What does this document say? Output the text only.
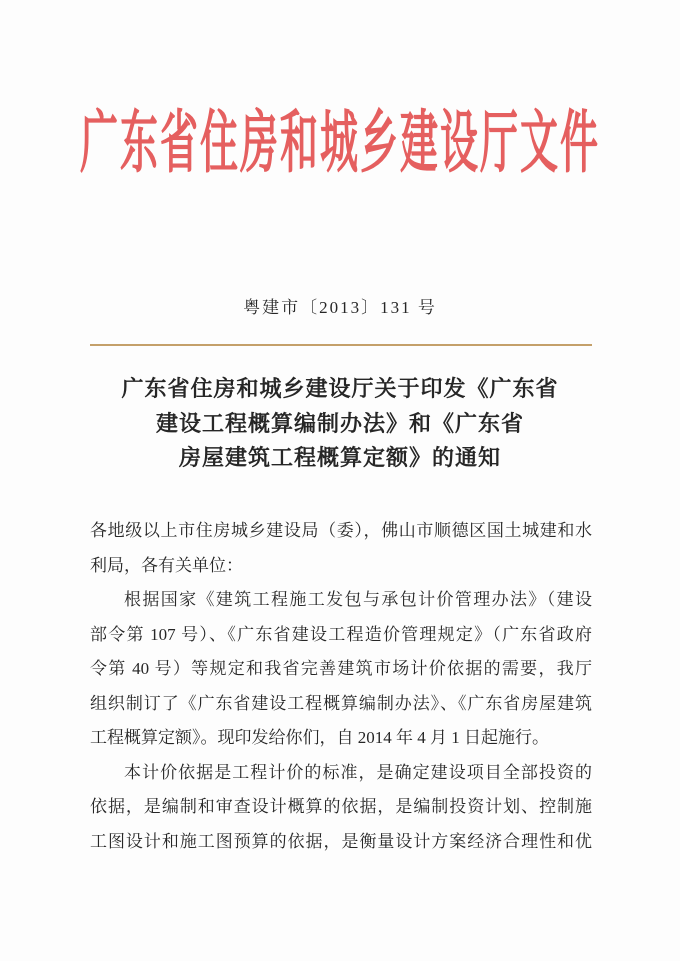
广东省住房和城乡建设厅文件
粤建市〔2013〕131 号
广东省住房和城乡建设厅关于印发《广东省
建设工程概算编制办法》和《广东省
房屋建筑工程概算定额》的通知
各地级以上市住房城乡建设局（委），佛山市顺德区国土城建和水
利局，各有关单位：
根据国家《建筑工程施工发包与承包计价管理办法》（建设
部令第 107 号）、《广东省建设工程造价管理规定》（广东省政府
令第 40 号）等规定和我省完善建筑市场计价依据的需要，我厅
组织制订了《广东省建设工程概算编制办法》、《广东省房屋建筑
工程概算定额》。现印发给你们，自 2014 年 4 月 1 日起施行。
本计价依据是工程计价的标准，是确定建设项目全部投资的
依据，是编制和审查设计概算的依据，是编制投资计划、控制施
工图设计和施工图预算的依据，是衡量设计方案经济合理性和优
